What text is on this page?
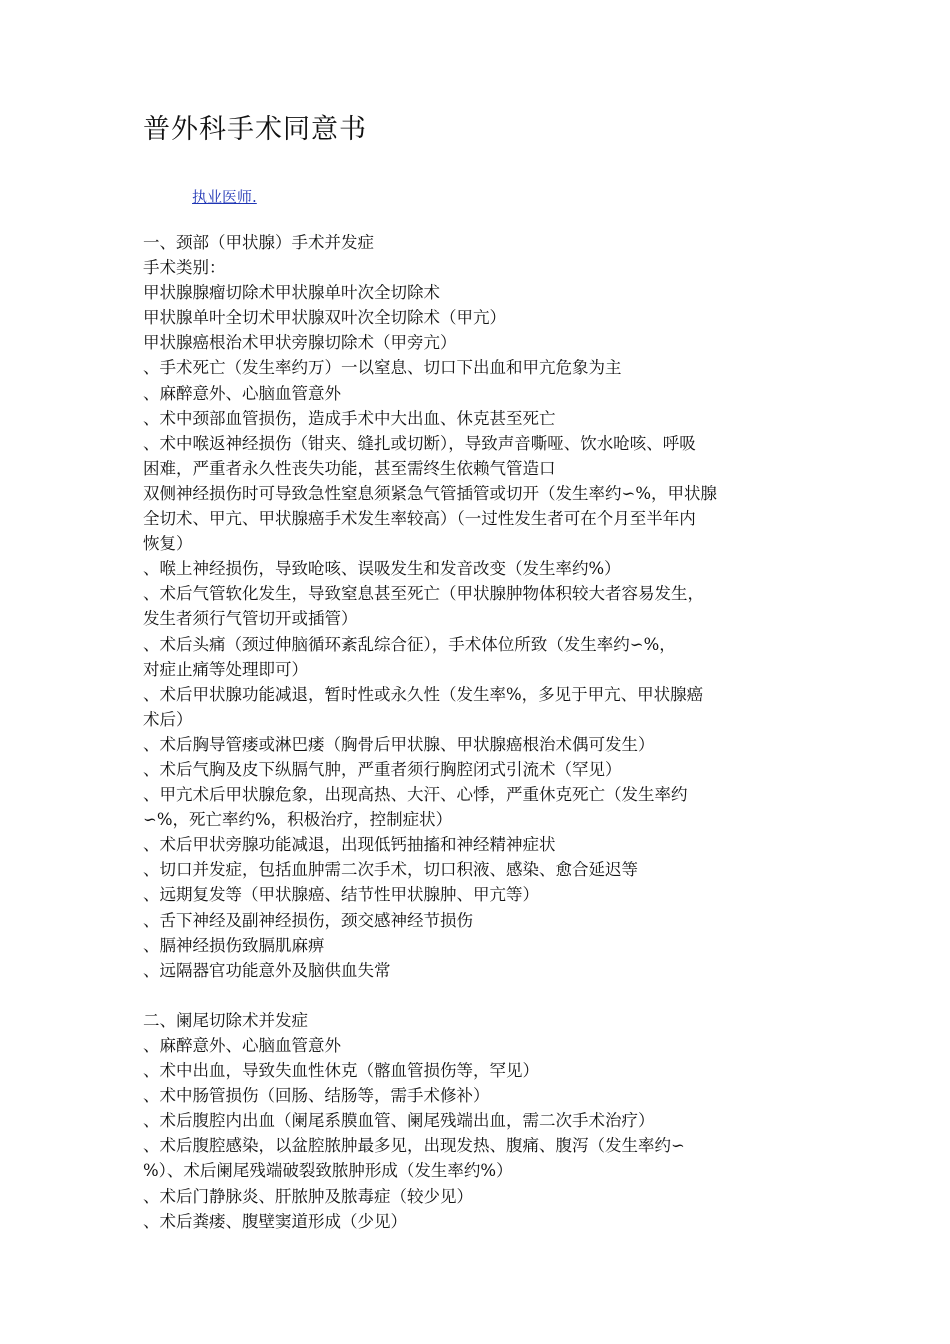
普外科手术同意书
执业医师.
一、颈部（甲状腺）手术并发症
手术类别：
甲状腺腺瘤切除术甲状腺单叶次全切除术
甲状腺单叶全切术甲状腺双叶次全切除术（甲亢）
甲状腺癌根治术甲状旁腺切除术（甲旁亢）
、手术死亡（发生率约万）一以窒息、切口下出血和甲亢危象为主
、麻醉意外、心脑血管意外
、术中颈部血管损伤，造成手术中大出血、休克甚至死亡
、术中喉返神经损伤（钳夹、缝扎或切断），导致声音嘶哑、饮水呛咳、呼吸
困难，严重者永久性丧失功能，甚至需终生依赖气管造口
双侧神经损伤时可导致急性窒息须紧急气管插管或切开（发生率约∽%，甲状腺
全切术、甲亢、甲状腺癌手术发生率较高）（一过性发生者可在个月至半年内
恢复）
、喉上神经损伤，导致呛咳、误吸发生和发音改变（发生率约%）
、术后气管软化发生，导致窒息甚至死亡（甲状腺肿物体积较大者容易发生，
发生者须行气管切开或插管）
、术后头痛（颈过伸脑循环紊乱综合征），手术体位所致（发生率约∽%，
对症止痛等处理即可）
、术后甲状腺功能减退，暂时性或永久性（发生率%，多见于甲亢、甲状腺癌
术后）
、术后胸导管瘘或淋巴瘘（胸骨后甲状腺、甲状腺癌根治术偶可发生）
、术后气胸及皮下纵膈气肿，严重者须行胸腔闭式引流术（罕见）
、甲亢术后甲状腺危象，出现高热、大汗、心悸，严重休克死亡（发生率约
∽%，死亡率约%，积极治疗，控制症状）
、术后甲状旁腺功能减退，出现低钙抽搐和神经精神症状
、切口并发症，包括血肿需二次手术，切口积液、感染、愈合延迟等
、远期复发等（甲状腺癌、结节性甲状腺肿、甲亢等）
、舌下神经及副神经损伤，颈交感神经节损伤
、膈神经损伤致膈肌麻痹
、远隔器官功能意外及脑供血失常
二、阑尾切除术并发症
、麻醉意外、心脑血管意外
、术中出血，导致失血性休克（髂血管损伤等，罕见）
、术中肠管损伤（回肠、结肠等，需手术修补）
、术后腹腔内出血（阑尾系膜血管、阑尾残端出血，需二次手术治疗）
、术后腹腔感染，以盆腔脓肿最多见，出现发热、腹痛、腹泻（发生率约∽
%）、术后阑尾残端破裂致脓肿形成（发生率约%）
、术后门静脉炎、肝脓肿及脓毒症（较少见）
、术后粪瘘、腹壁窦道形成（少见）
